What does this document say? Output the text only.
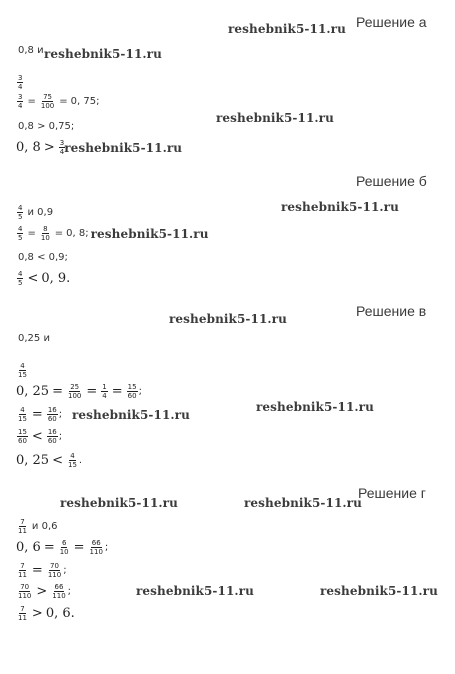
reshebnik5-11.ru
reshebnik5-11.ru
reshebnik5-11.ru
reshebnik5-11.ru
reshebnik5-11.ru
reshebnik5-11.ru
reshebnik5-11.ru
reshebnik5-11.ru	reshebnik5-11.ru
reshebnik5-11.ru	reshebnik5-11.ru
Решение а
0,8 и
$\frac{3}{4}$
$\frac{3}{4} = \frac{75}{100} = 0$, 75;
0,8 > 0,75;
0, $8 > \frac{3}{4}$ reshebnik5-11.ru
Решение б
$\frac{4}{5}$ и 0,9
$\frac{4}{5} = \frac{8}{10} = 0$, 8; reshebnik5-11.ru
0,8 < 0,9;
$\frac{4}{5} < 0$, 9.
Решение в
0,25 и
$\frac{4}{15}$
0, $25 = \frac{25}{100} = \frac{1}{4} = \frac{15}{60}$ ;
$\frac{4}{15} = \frac{16}{60}$ ;
$\frac{15}{60} < \frac{16}{60}$ ;
0, $25 < \frac{4}{15}$ .
Решение г
$\frac{7}{11}$ и 0,6
0, $6 = \frac{6}{10} = \frac{66}{110}$ ;
$\frac{7}{11} = \frac{70}{110}$ ;
$\frac{70}{110} > \frac{66}{110}$ ;
$\frac{7}{11} > 0$, 6.
